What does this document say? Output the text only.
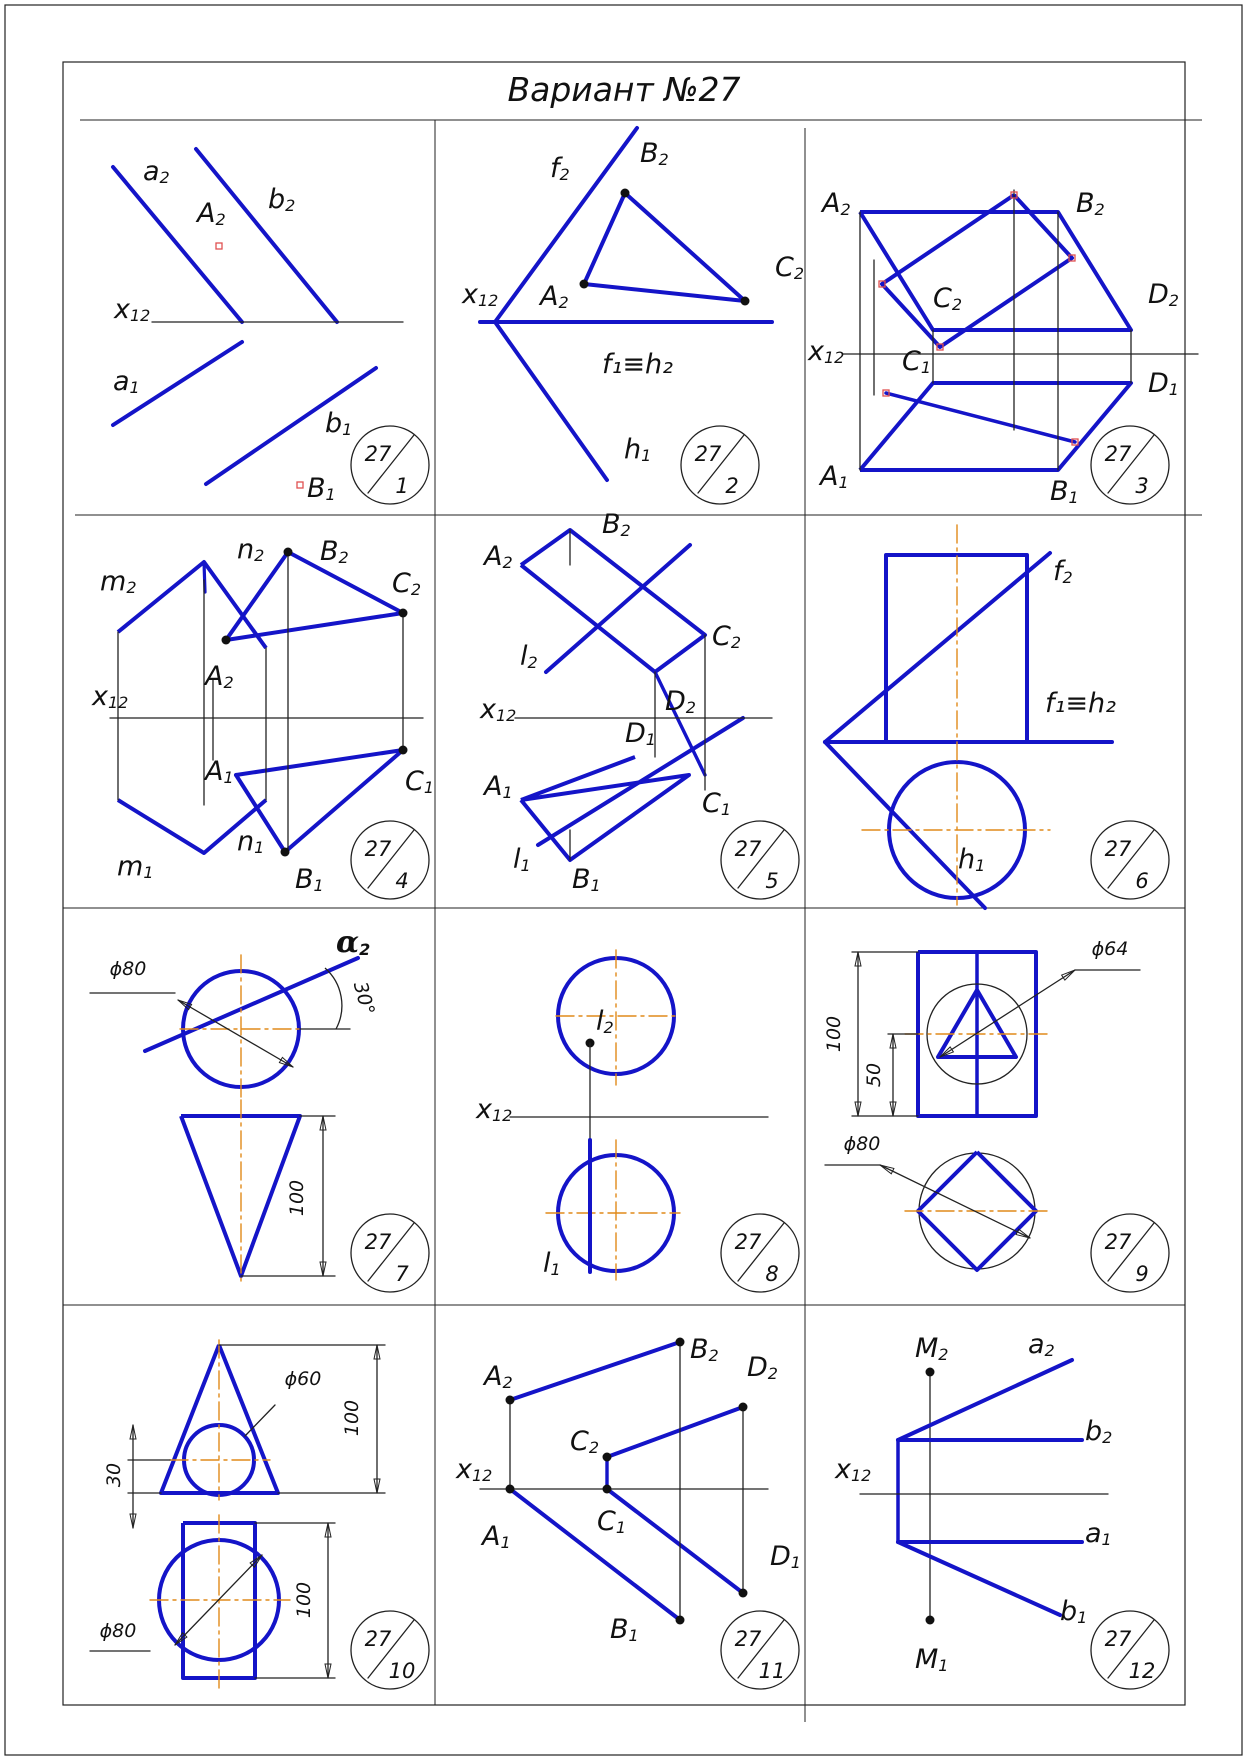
Вариант №27
x12
a2
b2
A2
a1
b1
B1
27
1
x12
f2
B2
C2
A2
f₁≡h₂
h1 27
2
x12
A2	B2
C2	D2
C1
D1
A1	B1
27
3
x12
m2
n2 B2
C2
A2
A1	C1
m1
n1
B1
27
4
x12
B2
A2
C2
l2
D2
D1
A1	C1
l1 B1
27
5
f2
f₁≡h₂
h1
27
6
α2
ϕ80
30°
100
27
7
x12
l2
l1
27
8
ϕ64
100
50
ϕ80
27
9
ϕ60
100
30
100
ϕ80	27
10
x12
A2
B2 D2
C2
A1
C1
D1
B1	27
11
x12
M2	a2
b2
a1
b1
M1
27
12
